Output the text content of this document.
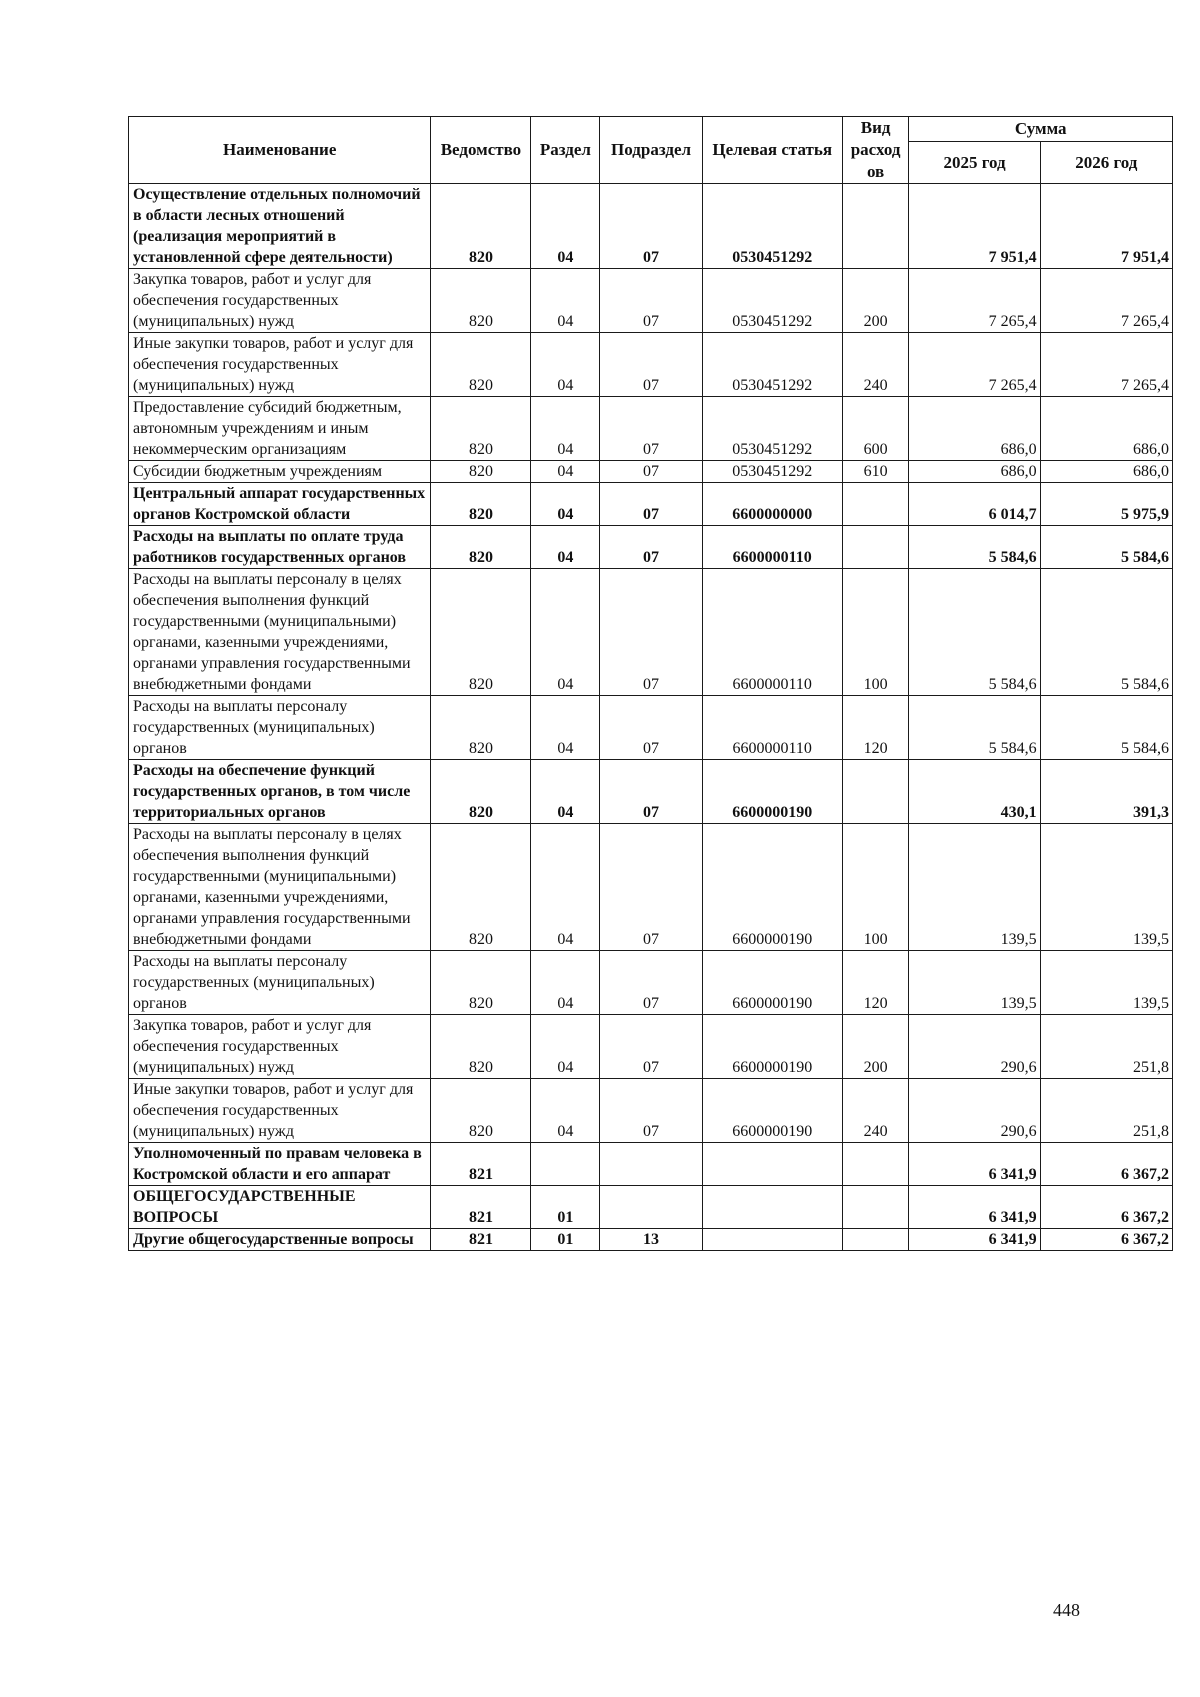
Наименование	Ведомство	Раздел	Подраздел	Целевая статья	Вид расход ов	Сумма	
						2025 год	2026 год
Осуществление отдельных полномочий в области лесных отношений (реализация мероприятий в установленной сфере деятельности)	820	04	07	0530451292		7 951,4	7 951,4
Закупка товаров, работ и услуг для обеспечения государственных (муниципальных) нужд	820	04	07	0530451292	200	7 265,4	7 265,4
Иные закупки товаров, работ и услуг для обеспечения государственных (муниципальных) нужд	820	04	07	0530451292	240	7 265,4	7 265,4
Предоставление субсидий бюджетным, автономным учреждениям и иным некоммерческим организациям	820	04	07	0530451292	600	686,0	686,0
Субсидии бюджетным учреждениям	820	04	07	0530451292	610	686,0	686,0
Центральный аппарат государственных органов Костромской области	820	04	07	6600000000		6 014,7	5 975,9
Расходы на выплаты по оплате труда работников государственных органов	820	04	07	6600000110		5 584,6	5 584,6
Расходы на выплаты персоналу в целях обеспечения выполнения функций государственными (муниципальными) органами, казенными учреждениями, органами управления государственными внебюджетными фондами	820	04	07	6600000110	100	5 584,6	5 584,6
Расходы на выплаты персоналу государственных (муниципальных) органов	820	04	07	6600000110	120	5 584,6	5 584,6
Расходы на обеспечение функций государственных органов, в том числе территориальных органов	820	04	07	6600000190		430,1	391,3
Расходы на выплаты персоналу в целях обеспечения выполнения функций государственными (муниципальными) органами, казенными учреждениями, органами управления государственными внебюджетными фондами	820	04	07	6600000190	100	139,5	139,5
Расходы на выплаты персоналу государственных (муниципальных) органов	820	04	07	6600000190	120	139,5	139,5
Закупка товаров, работ и услуг для обеспечения государственных (муниципальных) нужд	820	04	07	6600000190	200	290,6	251,8
Иные закупки товаров, работ и услуг для обеспечения государственных (муниципальных) нужд	820	04	07	6600000190	240	290,6	251,8
Уполномоченный по правам человека в Костромской области и его аппарат	821					6 341,9	6 367,2
ОБЩЕГОСУДАРСТВЕННЫЕ ВОПРОСЫ	821	01				6 341,9	6 367,2
Другие общегосударственные вопросы	821	01	13			6 341,9	6 367,2
448
